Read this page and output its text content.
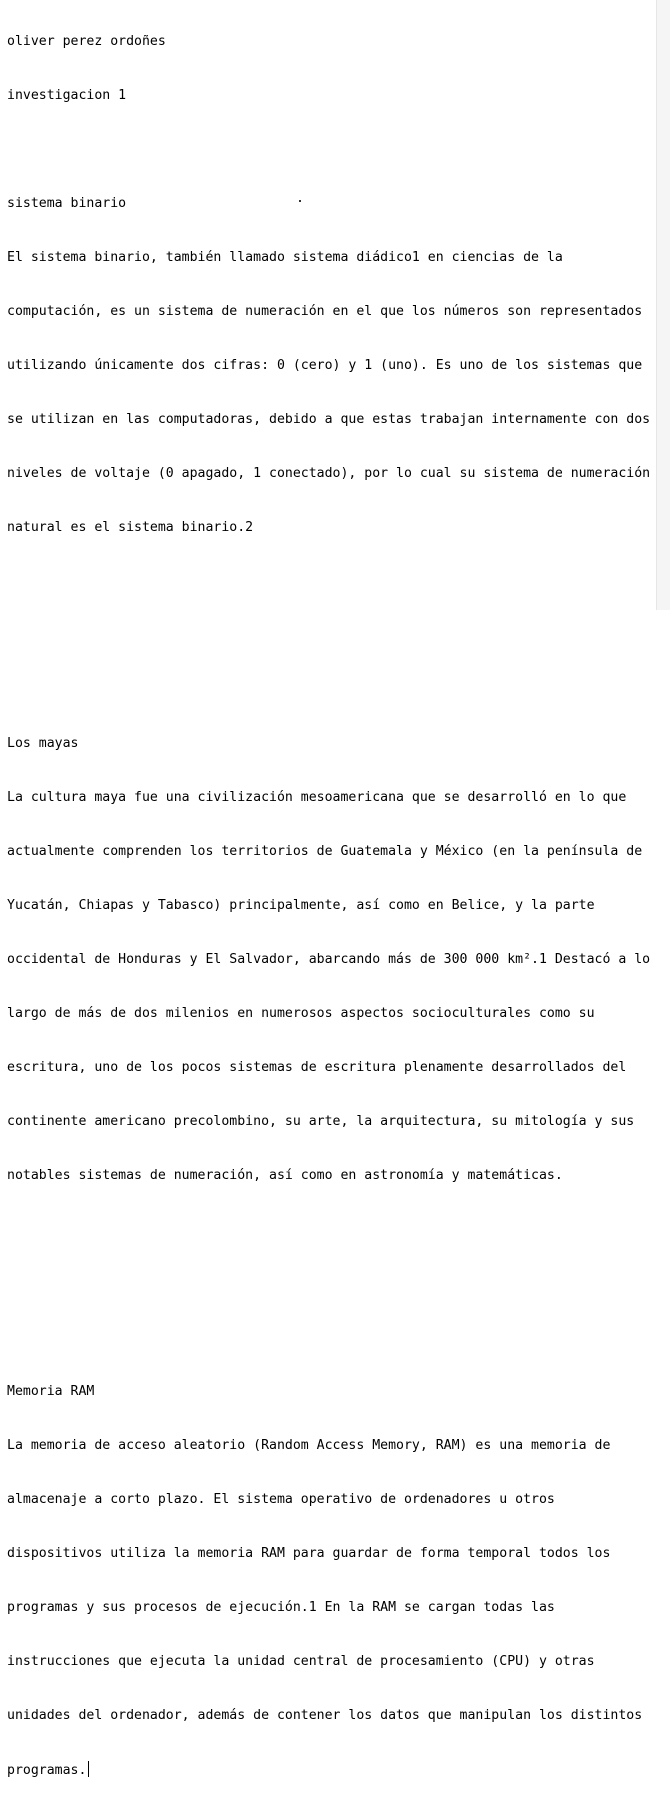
oliver perez ordoñes

investigacion 1

sistema binario

El sistema binario, también llamado sistema diádico1 en ciencias de la

computación, es un sistema de numeración en el que los números son representados

utilizando únicamente dos cifras: 0 (cero) y 1 (uno). Es uno de los sistemas que

se utilizan en las computadoras, debido a que estas trabajan internamente con dos

niveles de voltaje (0 apagado, 1 conectado), por lo cual su sistema de numeración

natural es el sistema binario.2

Los mayas

La cultura maya fue una civilización mesoamericana que se desarrolló en lo que

actualmente comprenden los territorios de Guatemala y México (en la península de

Yucatán, Chiapas y Tabasco) principalmente, así como en Belice, y la parte

occidental de Honduras y El Salvador, abarcando más de 300 000 km².1 Destacó a lo

largo de más de dos milenios en numerosos aspectos socioculturales como su

escritura, uno de los pocos sistemas de escritura plenamente desarrollados del

continente americano precolombino, su arte, la arquitectura, su mitología y sus

notables sistemas de numeración, así como en astronomía y matemáticas.

Memoria RAM

La memoria de acceso aleatorio (Random Access Memory, RAM) es una memoria de

almacenaje a corto plazo. El sistema operativo de ordenadores u otros

dispositivos utiliza la memoria RAM para guardar de forma temporal todos los

programas y sus procesos de ejecución.1 En la RAM se cargan todas las

instrucciones que ejecuta la unidad central de procesamiento (CPU) y otras

unidades del ordenador, además de contener los datos que manipulan los distintos

programas.
